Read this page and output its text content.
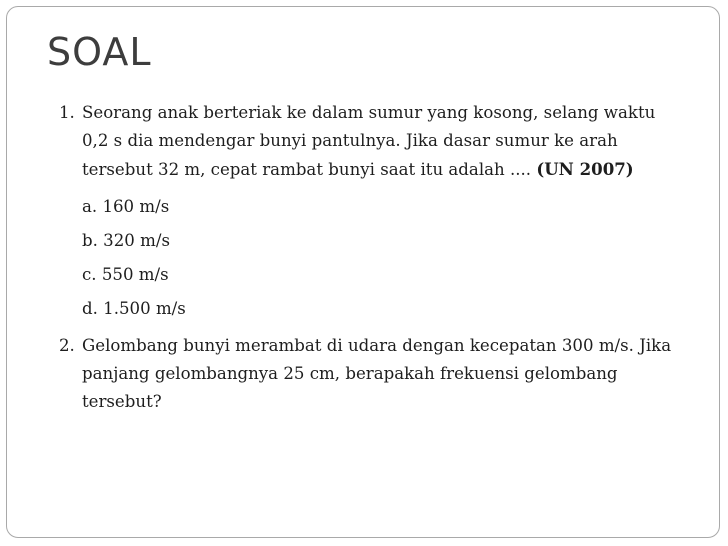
SOAL
1. Seorang anak berteriak ke dalam sumur yang kosong, selang waktu 0,2 s dia mendengar bunyi pantulnya. Jika dasar sumur ke arah tersebut 32 m, cepat rambat bunyi saat itu adalah .... (UN 2007)
a. 160 m/s
b. 320 m/s
c. 550 m/s
d. 1.500 m/s
2. Gelombang bunyi merambat di udara dengan kecepatan 300 m/s. Jika panjang gelombangnya 25 cm, berapakah frekuensi gelombang tersebut?
